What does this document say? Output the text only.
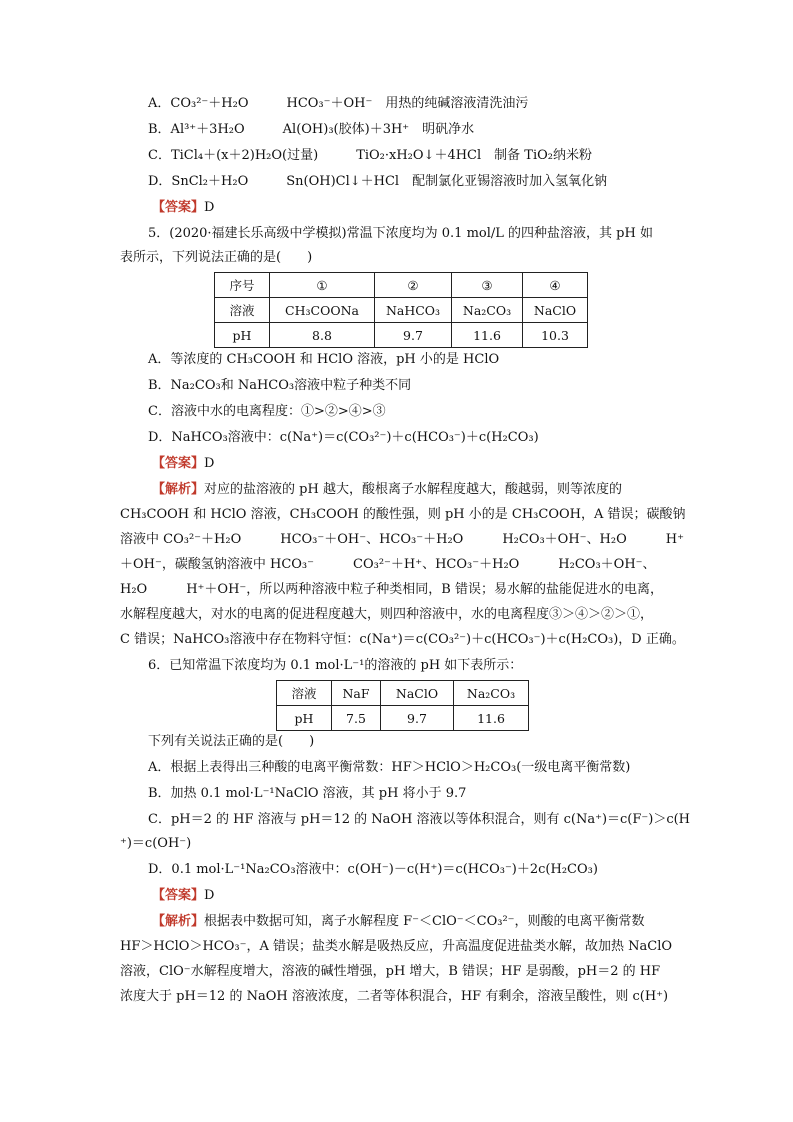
A．CO₃²⁻＋H₂O	HCO₃⁻＋OH⁻　用热的纯碱溶液清洗油污
B．Al³⁺＋3H₂O	Al(OH)₃(胶体)＋3H⁺　明矾净水
C．TiCl₄＋(x＋2)H₂O(过量)	TiO₂·xH₂O↓＋4HCl　制备 TiO₂纳米粉
D．SnCl₂＋H₂O	Sn(OH)Cl↓＋HCl　配制氯化亚锡溶液时加入氢氧化钠
【答案】D
5．(2020·福建长乐高级中学模拟)常温下浓度均为 0.1 mol/L 的四种盐溶液，其 pH 如
表所示，下列说法正确的是(　　)
序号	①	②	③	④
溶液	CH₃COONa	NaHCO₃	Na₂CO₃	NaClO
pH	8.8	9.7	11.6	10.3
A．等浓度的 CH₃COOH 和 HClO 溶液，pH 小的是 HClO
B．Na₂CO₃和 NaHCO₃溶液中粒子种类不同
C．溶液中水的电离程度：①>②>④>③
D．NaHCO₃溶液中：c(Na⁺)＝c(CO₃²⁻)＋c(HCO₃⁻)＋c(H₂CO₃)
【答案】D
【解析】对应的盐溶液的 pH 越大，酸根离子水解程度越大，酸越弱，则等浓度的
CH₃COOH 和 HClO 溶液，CH₃COOH 的酸性强，则 pH 小的是 CH₃COOH，A 错误；碳酸钠
溶液中 CO₃²⁻＋H₂O　　　HCO₃⁻＋OH⁻、HCO₃⁻＋H₂O　　　H₂CO₃＋OH⁻、H₂O　　　H⁺
＋OH⁻，碳酸氢钠溶液中 HCO₃⁻　　　CO₃²⁻＋H⁺、HCO₃⁻＋H₂O　　　H₂CO₃＋OH⁻、
H₂O　　　H⁺＋OH⁻，所以两种溶液中粒子种类相同，B 错误；易水解的盐能促进水的电离，
水解程度越大，对水的电离的促进程度越大，则四种溶液中，水的电离程度③＞④＞②＞①，
C 错误；NaHCO₃溶液中存在物料守恒：c(Na⁺)＝c(CO₃²⁻)＋c(HCO₃⁻)＋c(H₂CO₃)，D 正确。
6．已知常温下浓度均为 0.1 mol·L⁻¹的溶液的 pH 如下表所示：
溶液	NaF	NaClO	Na₂CO₃
pH	7.5	9.7	11.6
下列有关说法正确的是(　　)
A．根据上表得出三种酸的电离平衡常数：HF＞HClO＞H₂CO₃(一级电离平衡常数)
B．加热 0.1 mol·L⁻¹NaClO 溶液，其 pH 将小于 9.7
C．pH＝2 的 HF 溶液与 pH＝12 的 NaOH 溶液以等体积混合，则有 c(Na⁺)＝c(F⁻)＞c(H
⁺)＝c(OH⁻)
D．0.1 mol·L⁻¹Na₂CO₃溶液中：c(OH⁻)－c(H⁺)＝c(HCO₃⁻)＋2c(H₂CO₃)
【答案】D
【解析】根据表中数据可知，离子水解程度 F⁻＜ClO⁻＜CO₃²⁻，则酸的电离平衡常数
HF＞HClO＞HCO₃⁻，A 错误；盐类水解是吸热反应，升高温度促进盐类水解，故加热 NaClO
溶液，ClO⁻水解程度增大，溶液的碱性增强，pH 增大，B 错误；HF 是弱酸，pH＝2 的 HF
浓度大于 pH＝12 的 NaOH 溶液浓度，二者等体积混合，HF 有剩余，溶液呈酸性，则 c(H⁺)
